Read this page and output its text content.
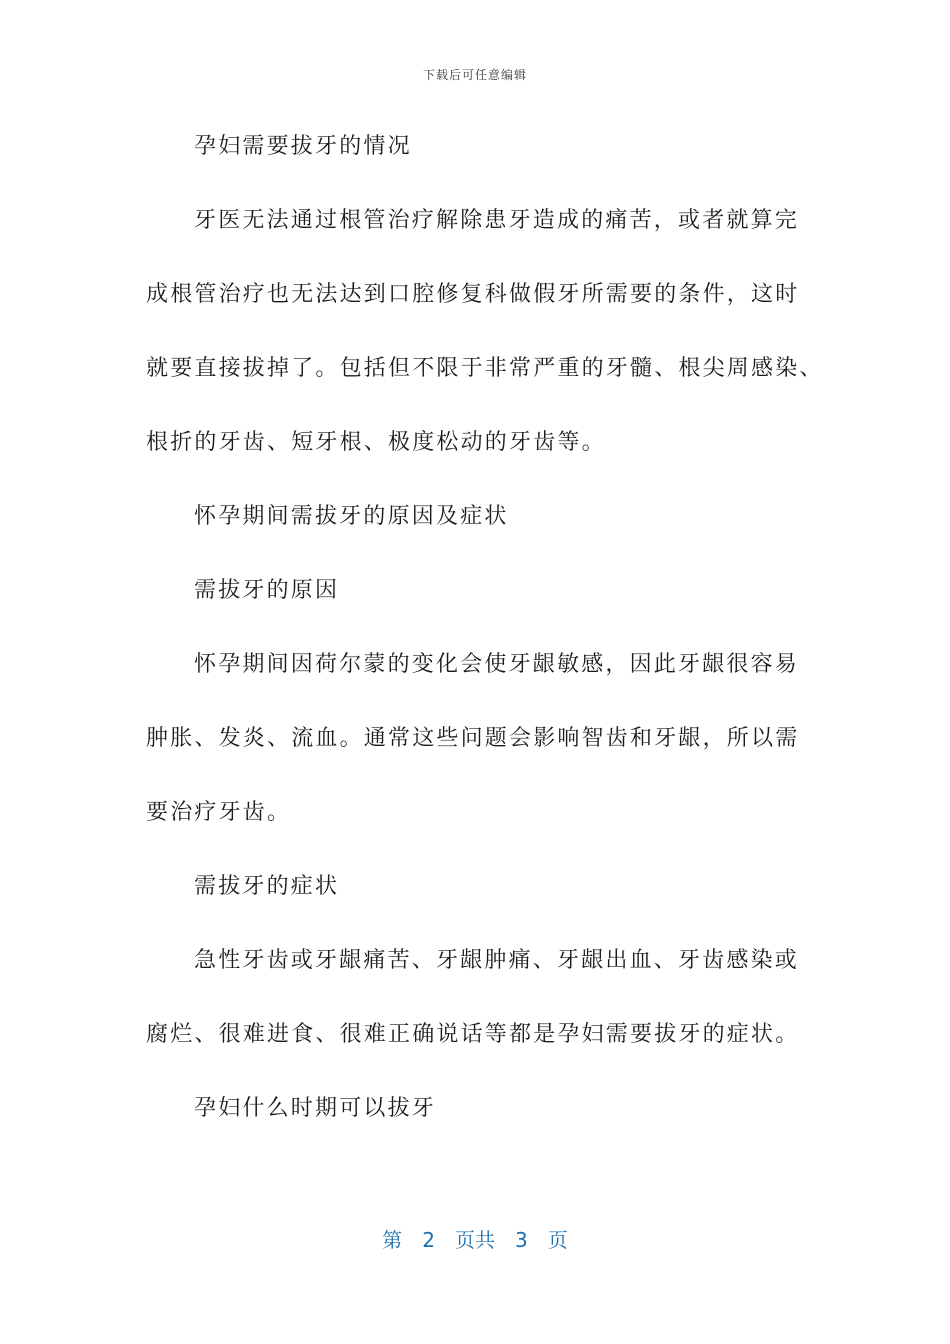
下载后可任意编辑
孕妇需要拔牙的情况
牙医无法通过根管治疗解除患牙造成的痛苦，或者就算完
成根管治疗也无法达到口腔修复科做假牙所需要的条件，这时
就要直接拔掉了。包括但不限于非常严重的牙髓、根尖周感染、
根折的牙齿、短牙根、极度松动的牙齿等。
怀孕期间需拔牙的原因及症状
需拔牙的原因
怀孕期间因荷尔蒙的变化会使牙龈敏感，因此牙龈很容易
肿胀、发炎、流血。通常这些问题会影响智齿和牙龈，所以需
要治疗牙齿。
需拔牙的症状
急性牙齿或牙龈痛苦、牙龈肿痛、牙龈出血、牙齿感染或
腐烂、很难进食、很难正确说话等都是孕妇需要拔牙的症状。
孕妇什么时期可以拔牙
第 2 页共 3 页
